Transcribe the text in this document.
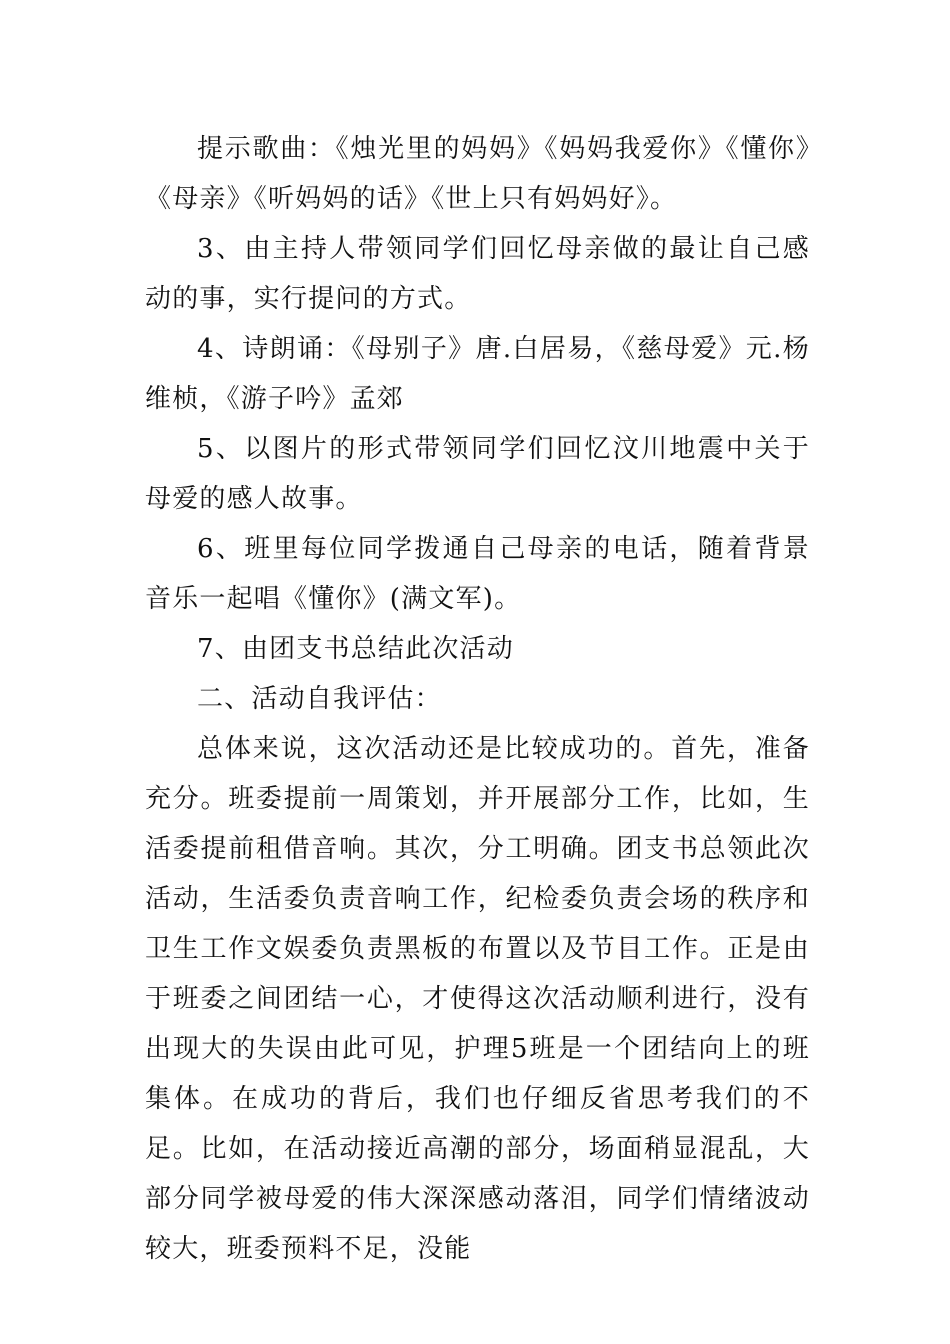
提示歌曲：《烛光里的妈妈》《妈妈我爱你》《懂你》《母亲》《听妈妈的话》《世上只有妈妈好》。

3、由主持人带领同学们回忆母亲做的最让自己感动的事，实行提问的方式。

4、诗朗诵：《母别子》唐.白居易，《慈母爱》元.杨维桢，《游子吟》孟郊

5、以图片的形式带领同学们回忆汶川地震中关于母爱的感人故事。

6、班里每位同学拨通自己母亲的电话，随着背景音乐一起唱《懂你》(满文军)。

7、由团支书总结此次活动

二、活动自我评估：

总体来说，这次活动还是比较成功的。首先，准备充分。班委提前一周策划，并开展部分工作，比如，生活委提前租借音响。其次，分工明确。团支书总领此次活动，生活委负责音响工作，纪检委负责会场的秩序和卫生工作文娱委负责黑板的布置以及节目工作。正是由于班委之间团结一心，才使得这次活动顺利进行，没有出现大的失误由此可见，护理5班是一个团结向上的班集体。在成功的背后，我们也仔细反省思考我们的不足。比如，在活动接近高潮的部分，场面稍显混乱，大部分同学被母爱的伟大深深感动落泪，同学们情绪波动较大，班委预料不足，没能
